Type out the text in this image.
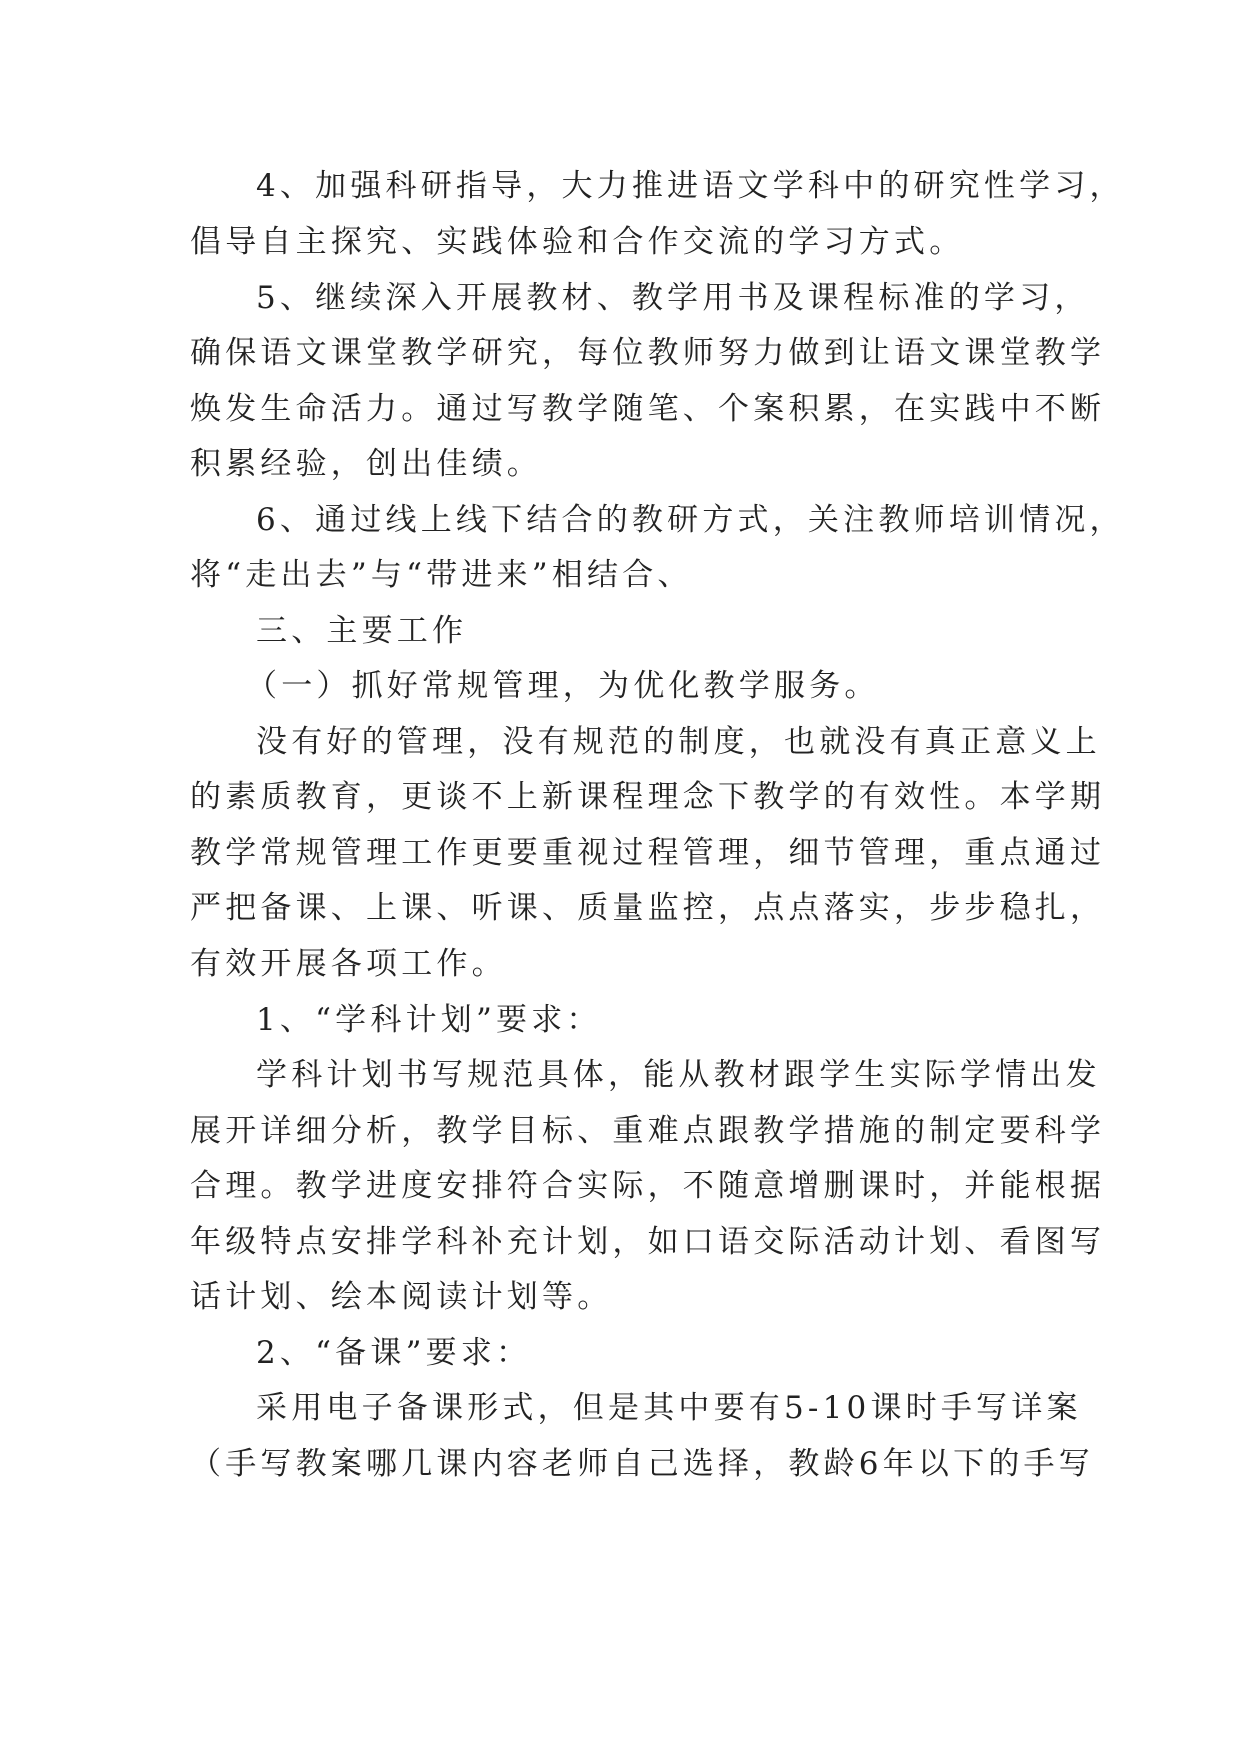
4、加强科研指导，大力推进语文学科中的研究性学习，
倡导自主探究、实践体验和合作交流的学习方式。
5、继续深入开展教材、教学用书及课程标准的学习，
确保语文课堂教学研究，每位教师努力做到让语文课堂教学
焕发生命活力。通过写教学随笔、个案积累，在实践中不断
积累经验，创出佳绩。
6、通过线上线下结合的教研方式，关注教师培训情况，
将“走出去”与“带进来”相结合、
三、主要工作
（一）抓好常规管理，为优化教学服务。
没有好的管理，没有规范的制度，也就没有真正意义上
的素质教育，更谈不上新课程理念下教学的有效性。本学期
教学常规管理工作更要重视过程管理，细节管理，重点通过
严把备课、上课、听课、质量监控，点点落实，步步稳扎，
有效开展各项工作。
1、“学科计划”要求：
学科计划书写规范具体，能从教材跟学生实际学情出发
展开详细分析，教学目标、重难点跟教学措施的制定要科学
合理。教学进度安排符合实际，不随意增删课时，并能根据
年级特点安排学科补充计划，如口语交际活动计划、看图写
话计划、绘本阅读计划等。
2、“备课”要求：
采用电子备课形式，但是其中要有5-10课时手写详案
（手写教案哪几课内容老师自己选择，教龄6年以下的手写
